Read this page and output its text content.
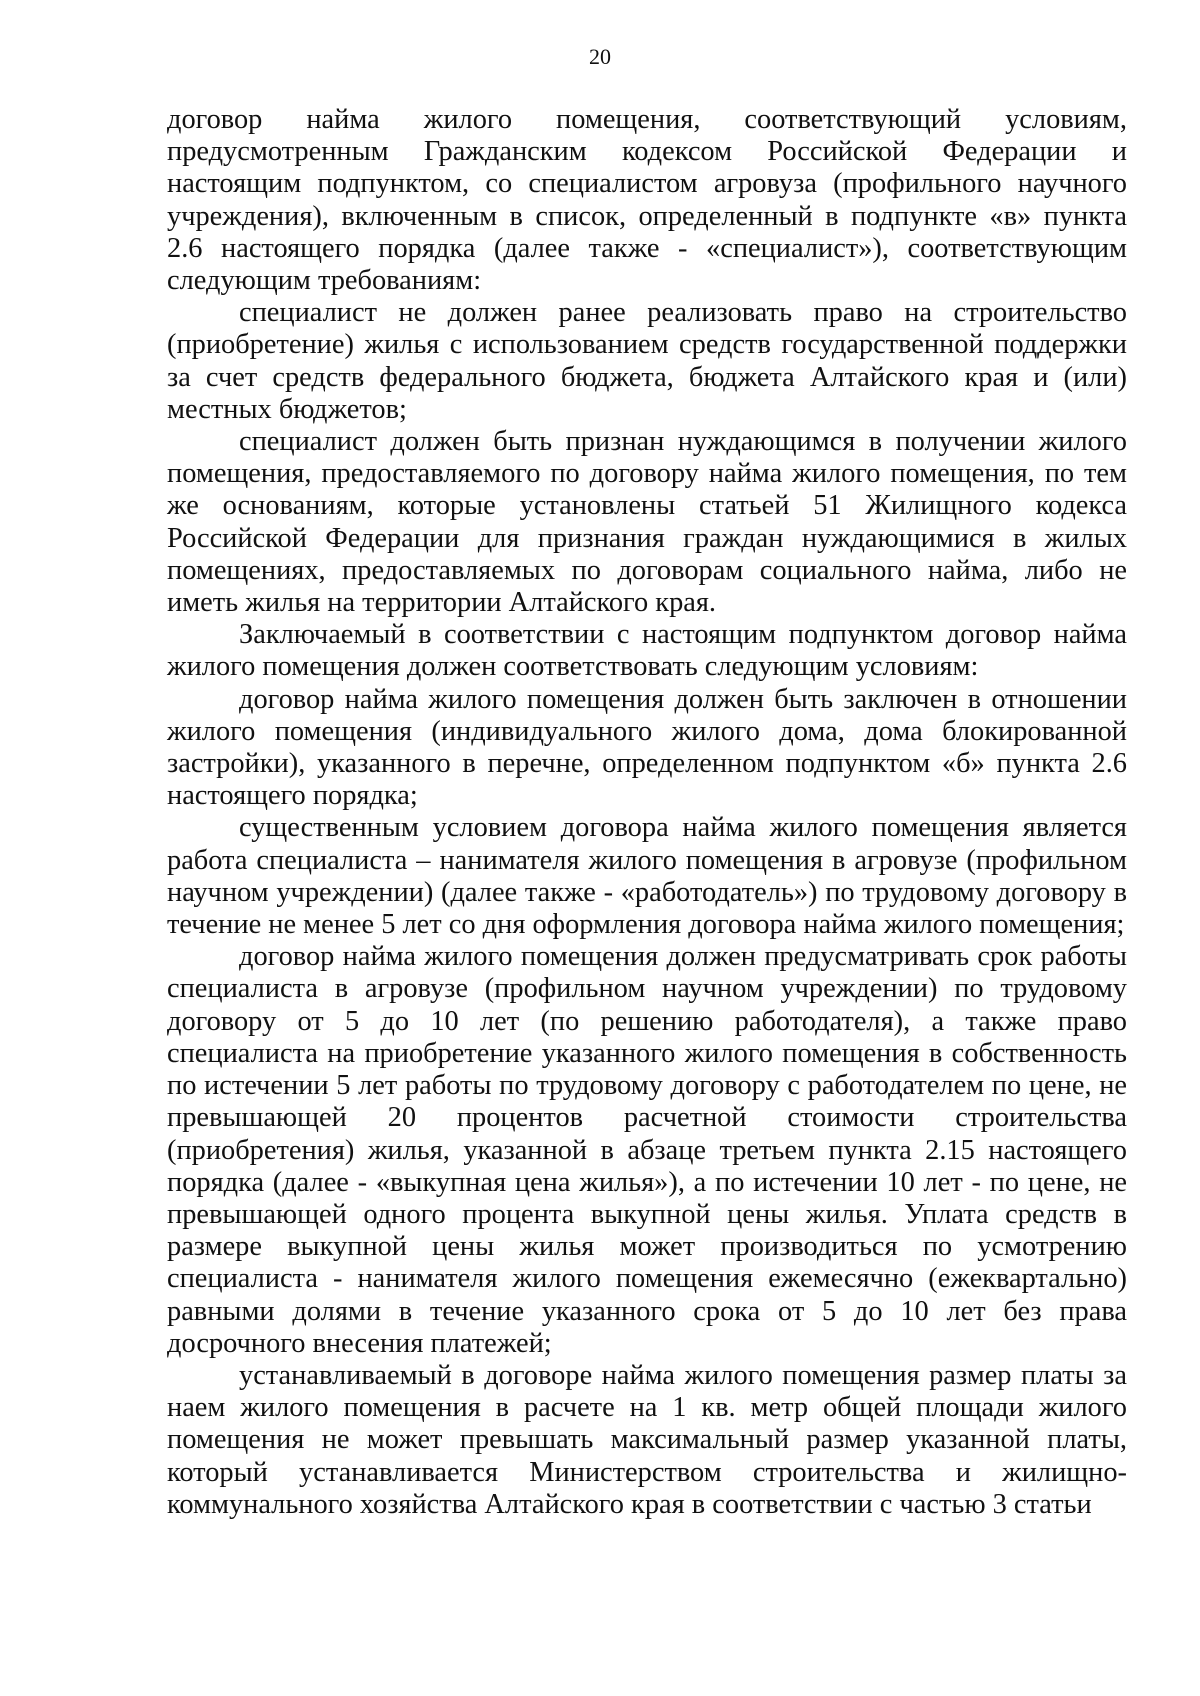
20

договор найма жилого помещения, соответствующий условиям, предусмотренным Гражданским кодексом Российской Федерации и настоящим подпунктом, со специалистом агровуза (профильного научного учреждения), включенным в список, определенный в подпункте «в» пункта 2.6 настоящего порядка (далее также - «специалист»), соответствующим следующим требованиям:

специалист не должен ранее реализовать право на строительство (приобретение) жилья с использованием средств государственной поддержки за счет средств федерального бюджета, бюджета Алтайского края и (или) местных бюджетов;

специалист должен быть признан нуждающимся в получении жилого помещения, предоставляемого по договору найма жилого помещения, по тем же основаниям, которые установлены статьей 51 Жилищного кодекса Российской Федерации для признания граждан нуждающимися в жилых помещениях, предоставляемых по договорам социального найма, либо не иметь жилья на территории Алтайского края.

Заключаемый в соответствии с настоящим подпунктом договор найма жилого помещения должен соответствовать следующим условиям:

договор найма жилого помещения должен быть заключен в отношении жилого помещения (индивидуального жилого дома, дома блокированной застройки), указанного в перечне, определенном подпунктом «б» пункта 2.6 настоящего порядка;

существенным условием договора найма жилого помещения является работа специалиста – нанимателя жилого помещения в агровузе (профильном научном учреждении) (далее также - «работодатель») по трудовому договору в течение не менее 5 лет со дня оформления договора найма жилого помещения;

договор найма жилого помещения должен предусматривать срок работы специалиста в агровузе (профильном научном учреждении) по трудовому договору от 5 до 10 лет (по решению работодателя), а также право специалиста на приобретение указанного жилого помещения в собственность по истечении 5 лет работы по трудовому договору с работодателем по цене, не превышающей 20 процентов расчетной стоимости строительства (приобретения) жилья, указанной в абзаце третьем пункта 2.15 настоящего порядка (далее - «выкупная цена жилья»), а по истечении 10 лет - по цене, не превышающей одного процента выкупной цены жилья. Уплата средств в размере выкупной цены жилья может производиться по усмотрению специалиста - нанимателя жилого помещения ежемесячно (ежеквартально) равными долями в течение указанного срока от 5 до 10 лет без права досрочного внесения платежей;

устанавливаемый в договоре найма жилого помещения размер платы за наем жилого помещения в расчете на 1 кв. метр общей площади жилого помещения не может превышать максимальный размер указанной платы, который устанавливается Министерством строительства и жилищно-коммунального хозяйства Алтайского края в соответствии с частью 3 статьи
